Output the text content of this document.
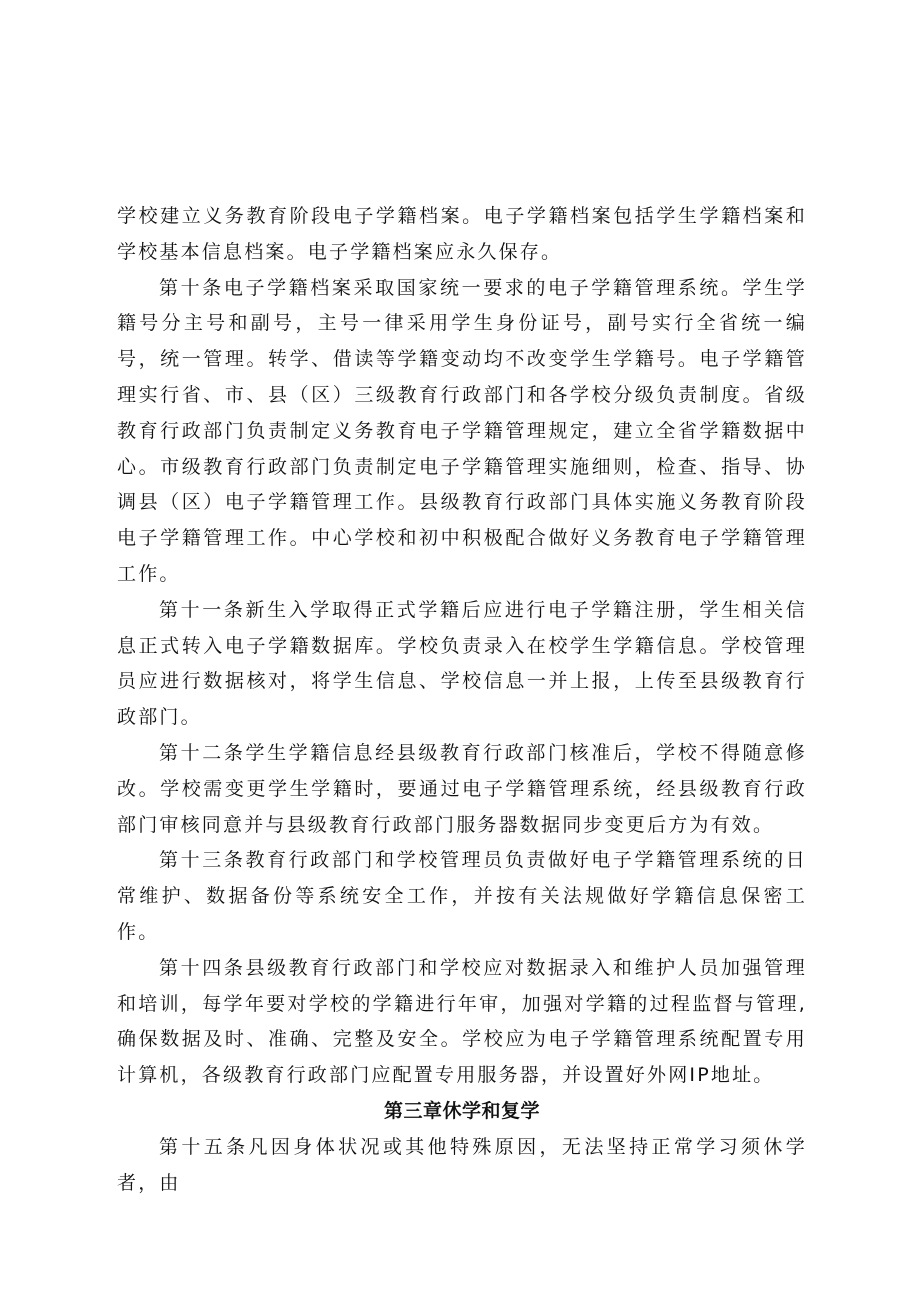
学校建立义务教育阶段电子学籍档案。电子学籍档案包括学生学籍档案和学校基本信息档案。电子学籍档案应永久保存。

第十条电子学籍档案采取国家统一要求的电子学籍管理系统。学生学籍号分主号和副号，主号一律采用学生身份证号，副号实行全省统一编号，统一管理。转学、借读等学籍变动均不改变学生学籍号。电子学籍管理实行省、市、县（区）三级教育行政部门和各学校分级负责制度。省级教育行政部门负责制定义务教育电子学籍管理规定，建立全省学籍数据中心。市级教育行政部门负责制定电子学籍管理实施细则，检查、指导、协调县（区）电子学籍管理工作。县级教育行政部门具体实施义务教育阶段电子学籍管理工作。中心学校和初中积极配合做好义务教育电子学籍管理工作。

第十一条新生入学取得正式学籍后应进行电子学籍注册，学生相关信息正式转入电子学籍数据库。学校负责录入在校学生学籍信息。学校管理员应进行数据核对，将学生信息、学校信息一并上报，上传至县级教育行政部门。

第十二条学生学籍信息经县级教育行政部门核准后，学校不得随意修改。学校需变更学生学籍时，要通过电子学籍管理系统，经县级教育行政部门审核同意并与县级教育行政部门服务器数据同步变更后方为有效。

第十三条教育行政部门和学校管理员负责做好电子学籍管理系统的日常维护、数据备份等系统安全工作，并按有关法规做好学籍信息保密工作。

第十四条县级教育行政部门和学校应对数据录入和维护人员加强管理和培训，每学年要对学校的学籍进行年审，加强对学籍的过程监督与管理,确保数据及时、准确、完整及安全。学校应为电子学籍管理系统配置专用计算机，各级教育行政部门应配置专用服务器，并设置好外网IP地址。

第三章休学和复学

第十五条凡因身体状况或其他特殊原因，无法坚持正常学习须休学者，由
